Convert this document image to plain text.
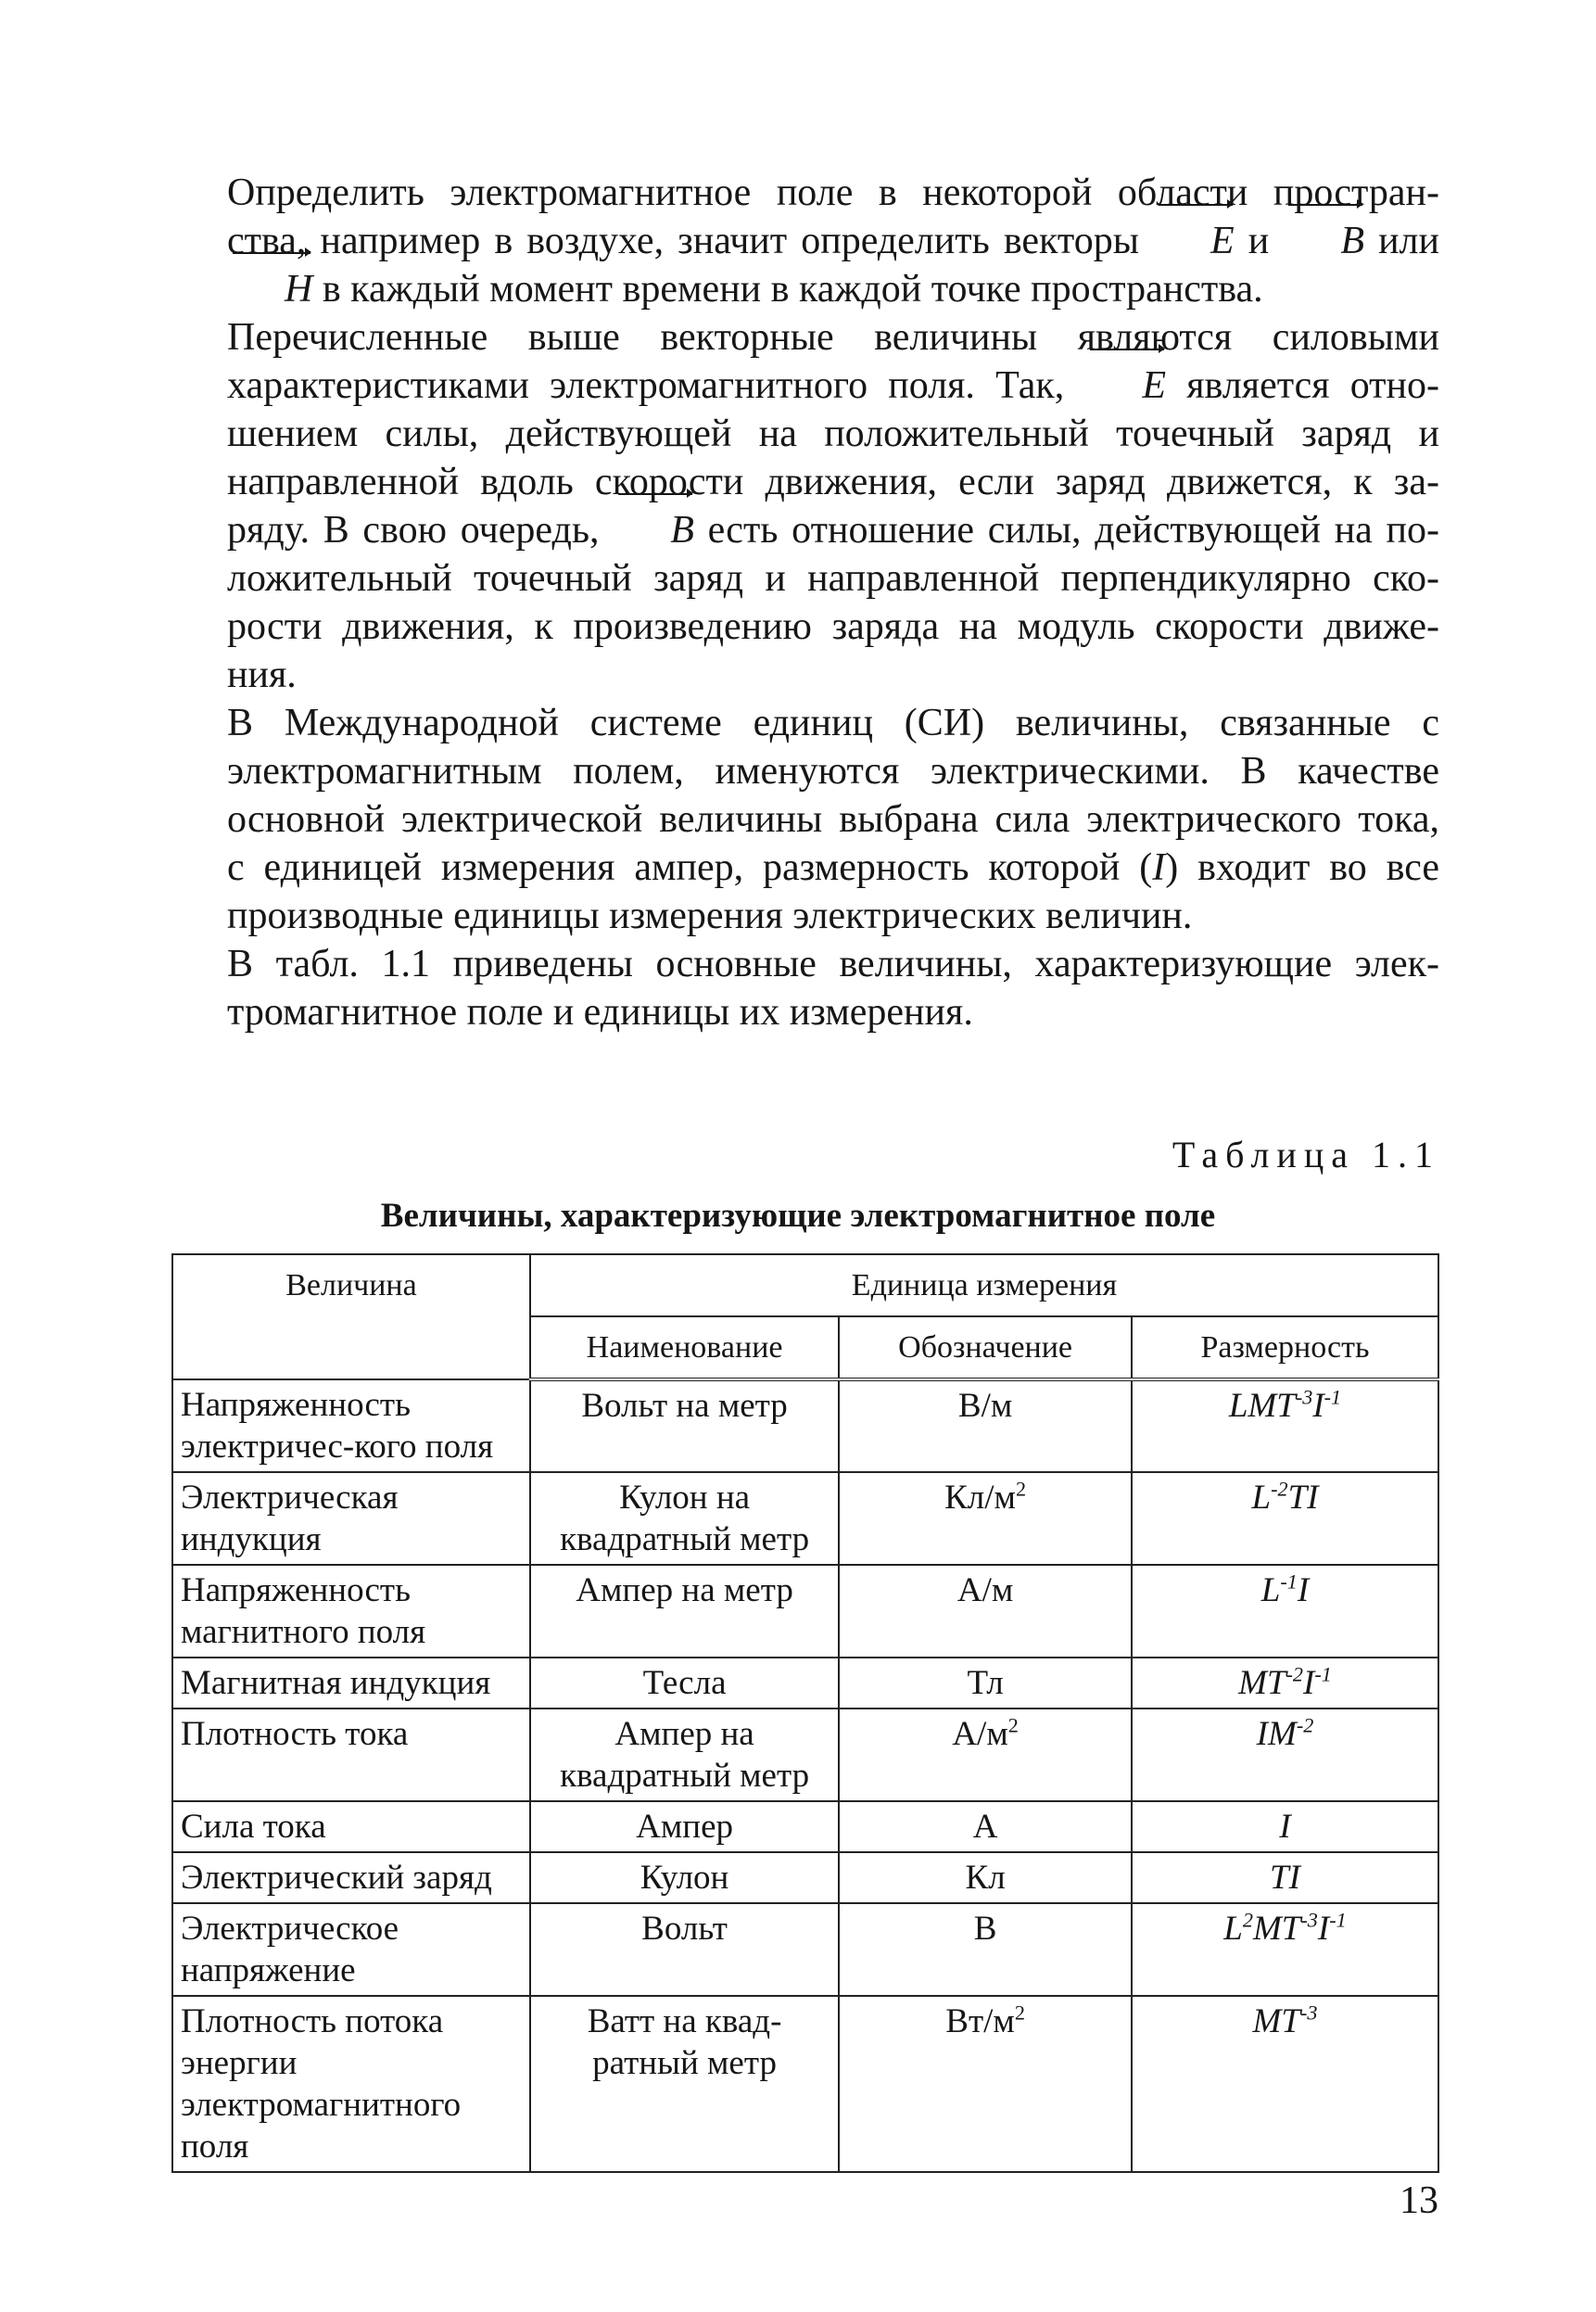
Определить электромагнитное поле в некоторой области простран-
ства, например в воздухе, значит определить векторы E и B или
H в каждый момент времени в каждой точке пространства.

Перечисленные выше векторные величины являются силовыми
характеристиками электромагнитного поля. Так, E является отно-
шением силы, действующей на положительный точечный заряд и
направленной вдоль скорости движения, если заряд движется, к за-
ряду. В свою очередь, B есть отношение силы, действующей на по-
ложительный точечный заряд и направленной перпендикулярно ско-
рости движения, к произведению заряда на модуль скорости движе-
ния.

В Международной системе единиц (СИ) величины, связанные с
электромагнитным полем, именуются электрическими. В качестве
основной электрической величины выбрана сила электрического тока,
с единицей измерения ампер, размерность которой (I) входит во все
производные единицы измерения электрических величин.

В табл. 1.1 приведены основные величины, характеризующие элек-
тромагнитное поле и единицы их измерения.

Таблица 1.1
Величины, характеризующие электромагнитное поле
Величина	Единица измерения		
	Наименование	Обозначение	Размерность
Напряженность электричес-кого поля	Вольт на метр	В/м	$LMT^{-3}I^{-1}$
Электрическая индукция	Кулон на квадратный метр	$Кл/м^2$	$L^{-2}TI$
Напряженность магнитного поля	Ампер на метр	А/м	$L^{-1}I$
Магнитная индукция	Тесла	Тл	$MT^{-2}I^{-1}$
Плотность тока	Ампер на квадратный метр	$А/м^2$	$IM^{-2}$
Сила тока	Ампер	А	I
Электрический заряд	Кулон	Кл	TI
Электрическое напряжение	Вольт	В	$L^2MT^{-3}I^{-1}$
Плотность потока энергии электромагнитного поля	Ватт на квад-ратный метр	$Вт/м^2$	$MT^{-3}$
13
